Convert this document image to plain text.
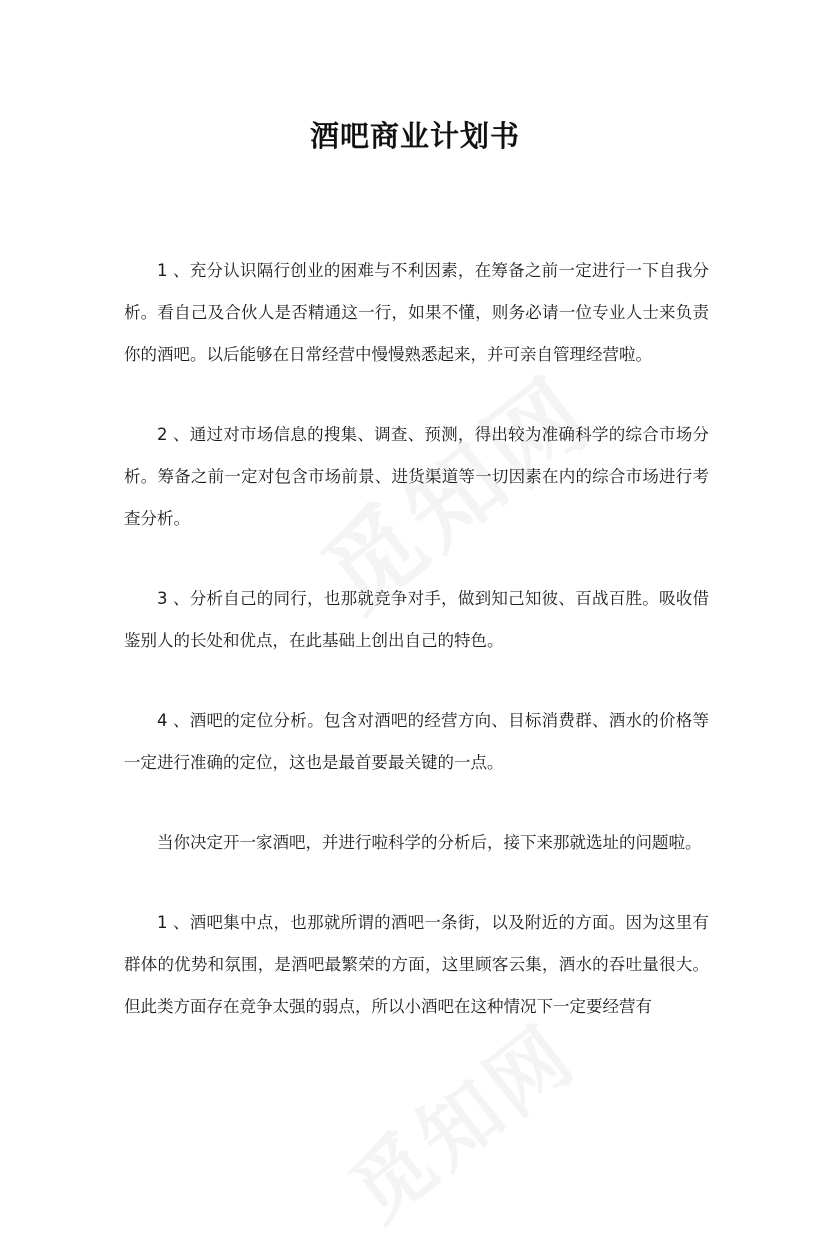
酒吧商业计划书

1 、充分认识隔行创业的困难与不利因素，在筹备之前一定进行一下自我分析。看自己及合伙人是否精通这一行，如果不懂，则务必请一位专业人士来负责你的酒吧。以后能够在日常经营中慢慢熟悉起来，并可亲自管理经营啦。

2 、通过对市场信息的搜集、调查、预测，得出较为准确科学的综合市场分析。筹备之前一定对包含市场前景、进货渠道等一切因素在内的综合市场进行考查分析。

3 、分析自己的同行，也那就竞争对手，做到知己知彼、百战百胜。吸收借鉴别人的长处和优点，在此基础上创出自己的特色。

4 、酒吧的定位分析。包含对酒吧的经营方向、目标消费群、酒水的价格等一定进行准确的定位，这也是最首要最关键的一点。

当你决定开一家酒吧，并进行啦科学的分析后，接下来那就选址的问题啦。

1 、酒吧集中点，也那就所谓的酒吧一条街，以及附近的方面。因为这里有群体的优势和氛围，是酒吧最繁荣的方面，这里顾客云集，酒水的吞吐量很大。但此类方面存在竞争太强的弱点，所以小酒吧在这种情况下一定要经营有
